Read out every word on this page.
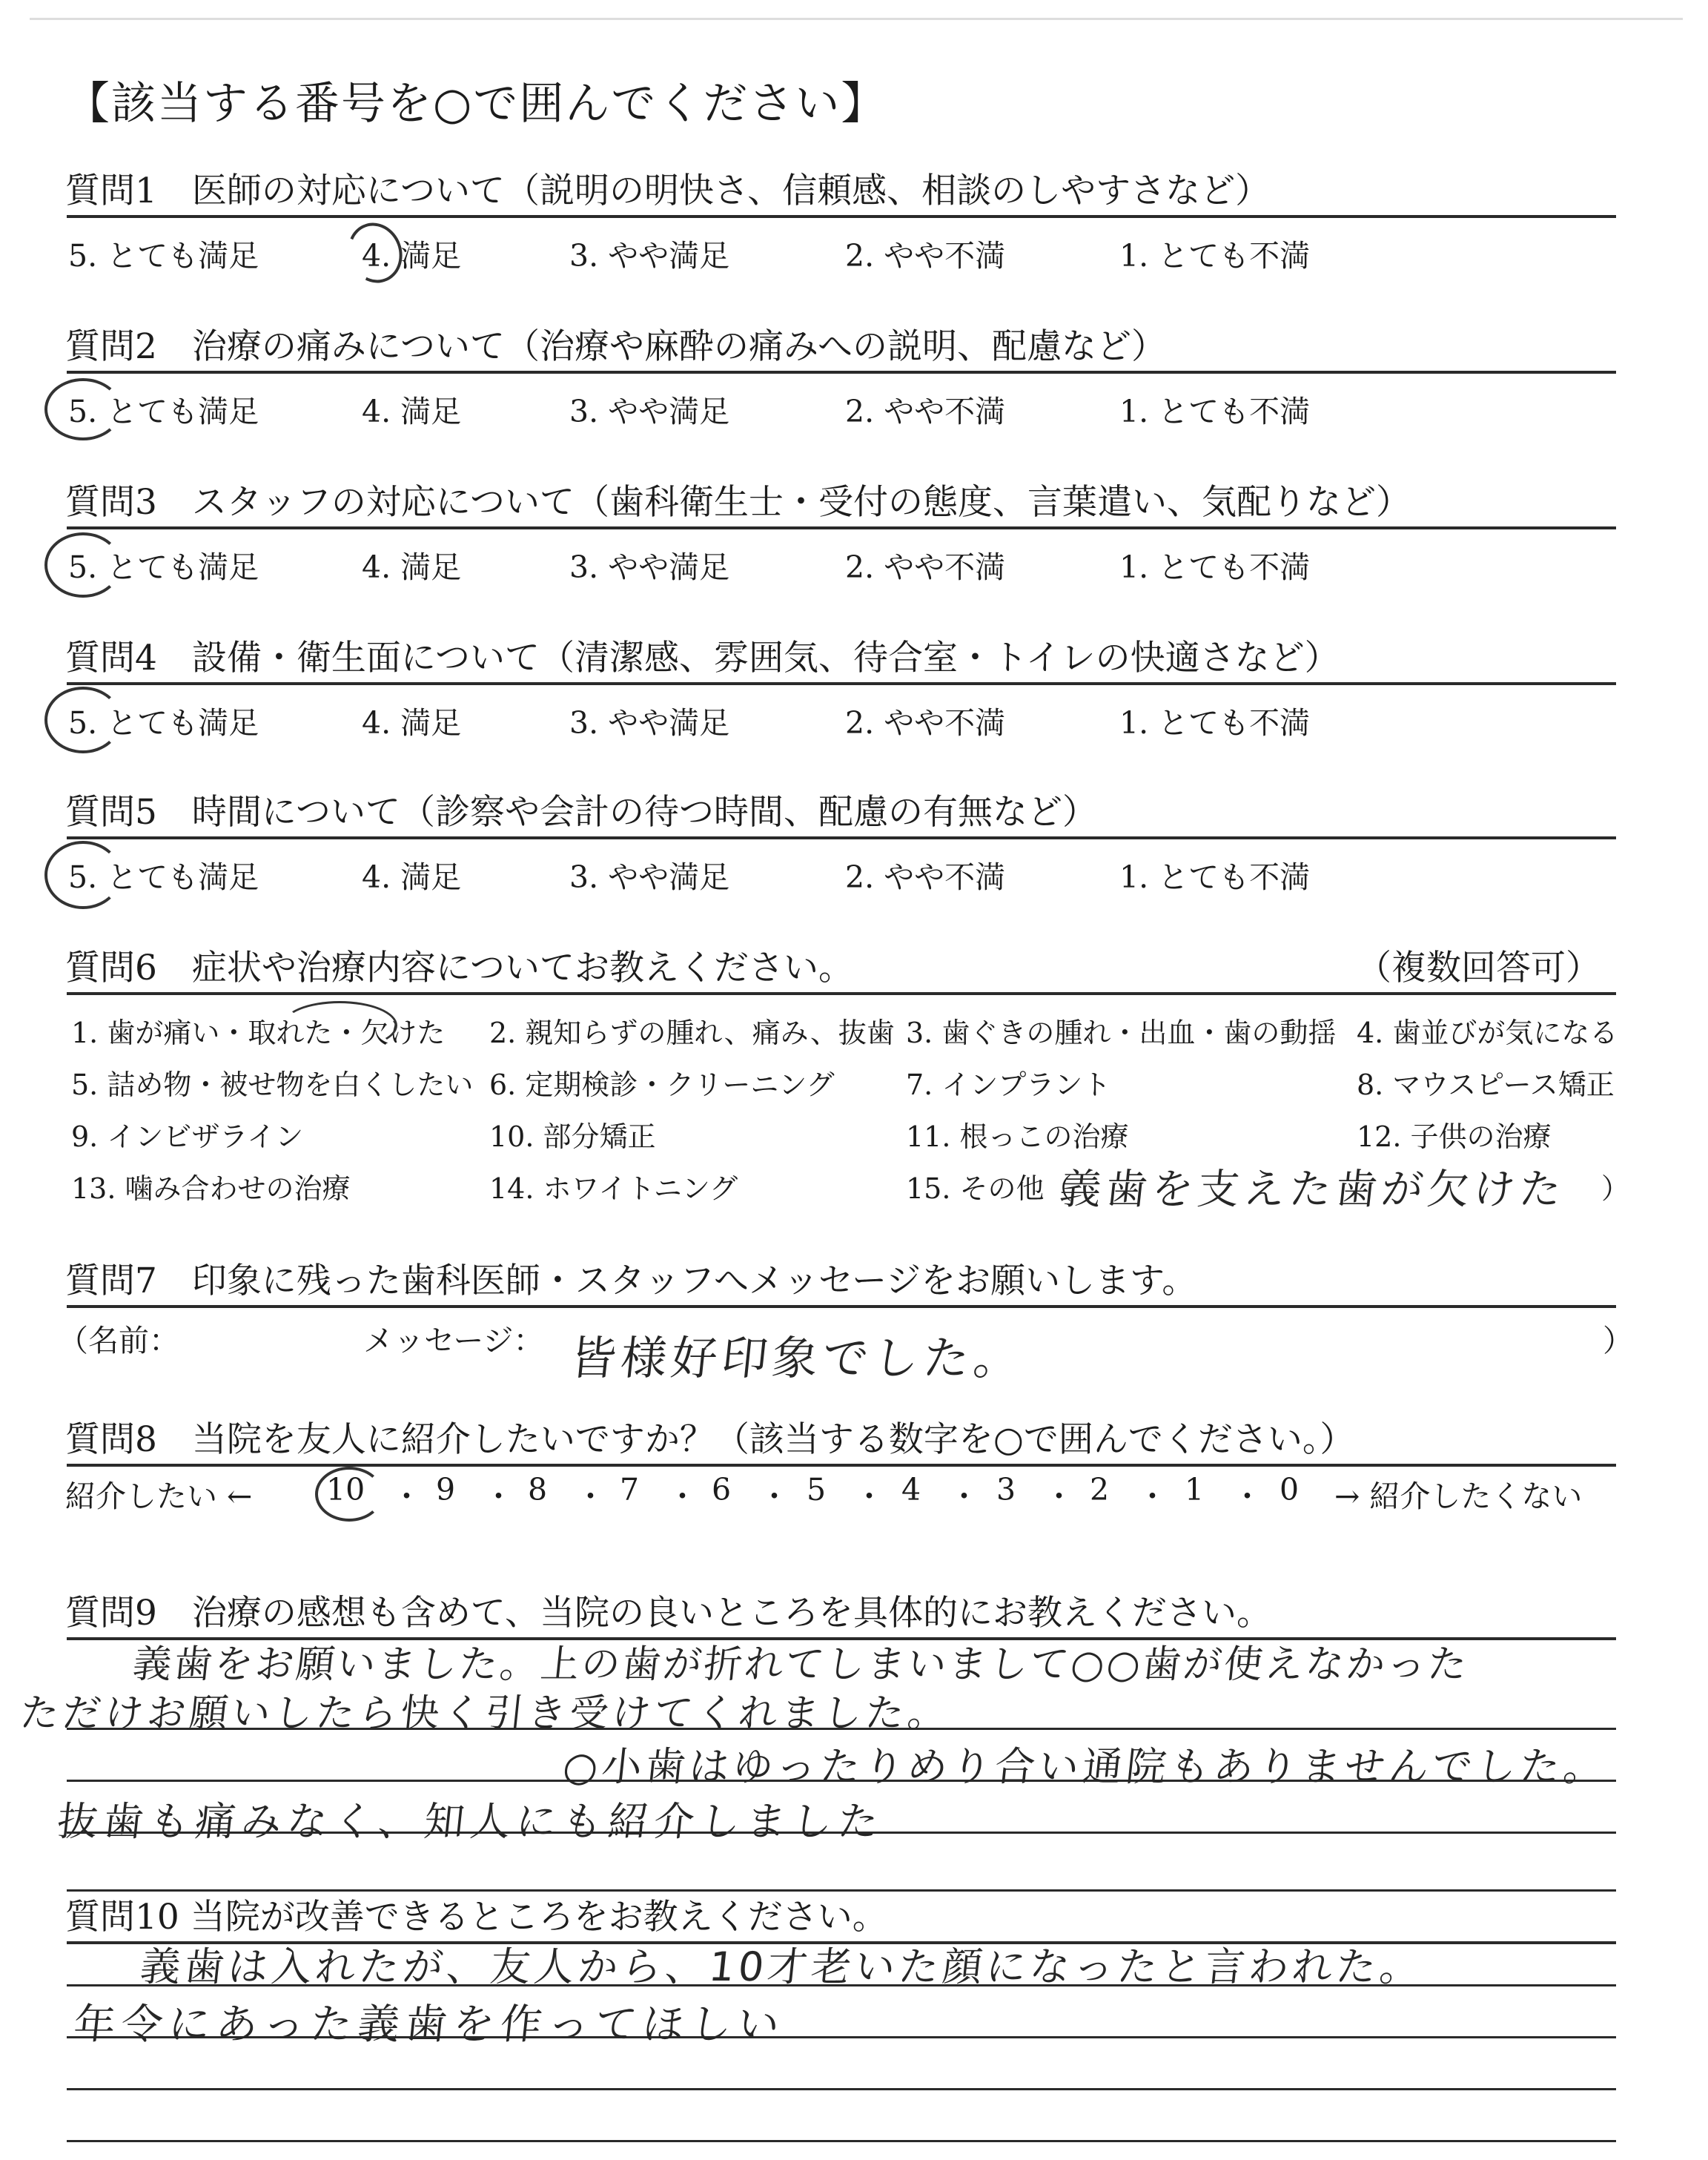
【該当する番号を○で囲んでください】
質問1　医師の対応について（説明の明快さ、信頼感、相談のしやすさなど）
5. とても満足	4. 満足	3. やや満足	2. やや不満	1. とても不満
質問2　治療の痛みについて（治療や麻酔の痛みへの説明、配慮など）
5. とても満足	4. 満足	3. やや満足	2. やや不満	1. とても不満
質問3　スタッフの対応について（歯科衛生士・受付の態度、言葉遣い、気配りなど）
5. とても満足	4. 満足	3. やや満足	2. やや不満	1. とても不満
質問4　設備・衛生面について（清潔感、雰囲気、待合室・トイレの快適さなど）
5. とても満足	4. 満足	3. やや満足	2. やや不満	1. とても不満
質問5　時間について（診察や会計の待つ時間、配慮の有無など）
5. とても満足	4. 満足	3. やや満足	2. やや不満	1. とても不満
質問6　症状や治療内容についてお教えください。	（複数回答可）
1. 歯が痛い・取れた・欠けた 2. 親知らずの腫れ、痛み、抜歯 3. 歯ぐきの腫れ・出血・歯の動揺 4. 歯並びが気になる
5. 詰め物・被せ物を白くしたい 6. 定期検診・クリーニング	7. インプラント	8. マウスピース矯正
9. インビザライン	10. 部分矯正	11. 根っこの治療	12. 子供の治療
13. 噛み合わせの治療	14. ホワイトニング	15. その他（	）
義歯を支えた歯が欠けた
質問7　印象に残った歯科医師・スタッフへメッセージをお願いします。
（名前：	メッセージ： 皆様好印象でした。	）
質問8　当院を友人に紹介したいですか？（該当する数字を○で囲んでください。）
紹介したい ← 10 ・ 9 ・ 8 ・ 7 ・ 6 ・ 5 ・ 4 ・ 3 ・ 2 ・ 1 ・ 0 → 紹介したくない
質問9　治療の感想も含めて、当院の良いところを具体的にお教えください。
義歯をお願いました。上の歯が折れてしまいまして○○歯が使えなかった
ただけお願いしたら快く引き受けてくれました。
○小歯はゆったりめり合い通院もありませんでした。
抜歯も痛みなく、知人にも紹介しました
質問10 当院が改善できるところをお教えください。
義歯は入れたが、友人から、10才老いた顔になったと言われた。
年令にあった義歯を作ってほしい
